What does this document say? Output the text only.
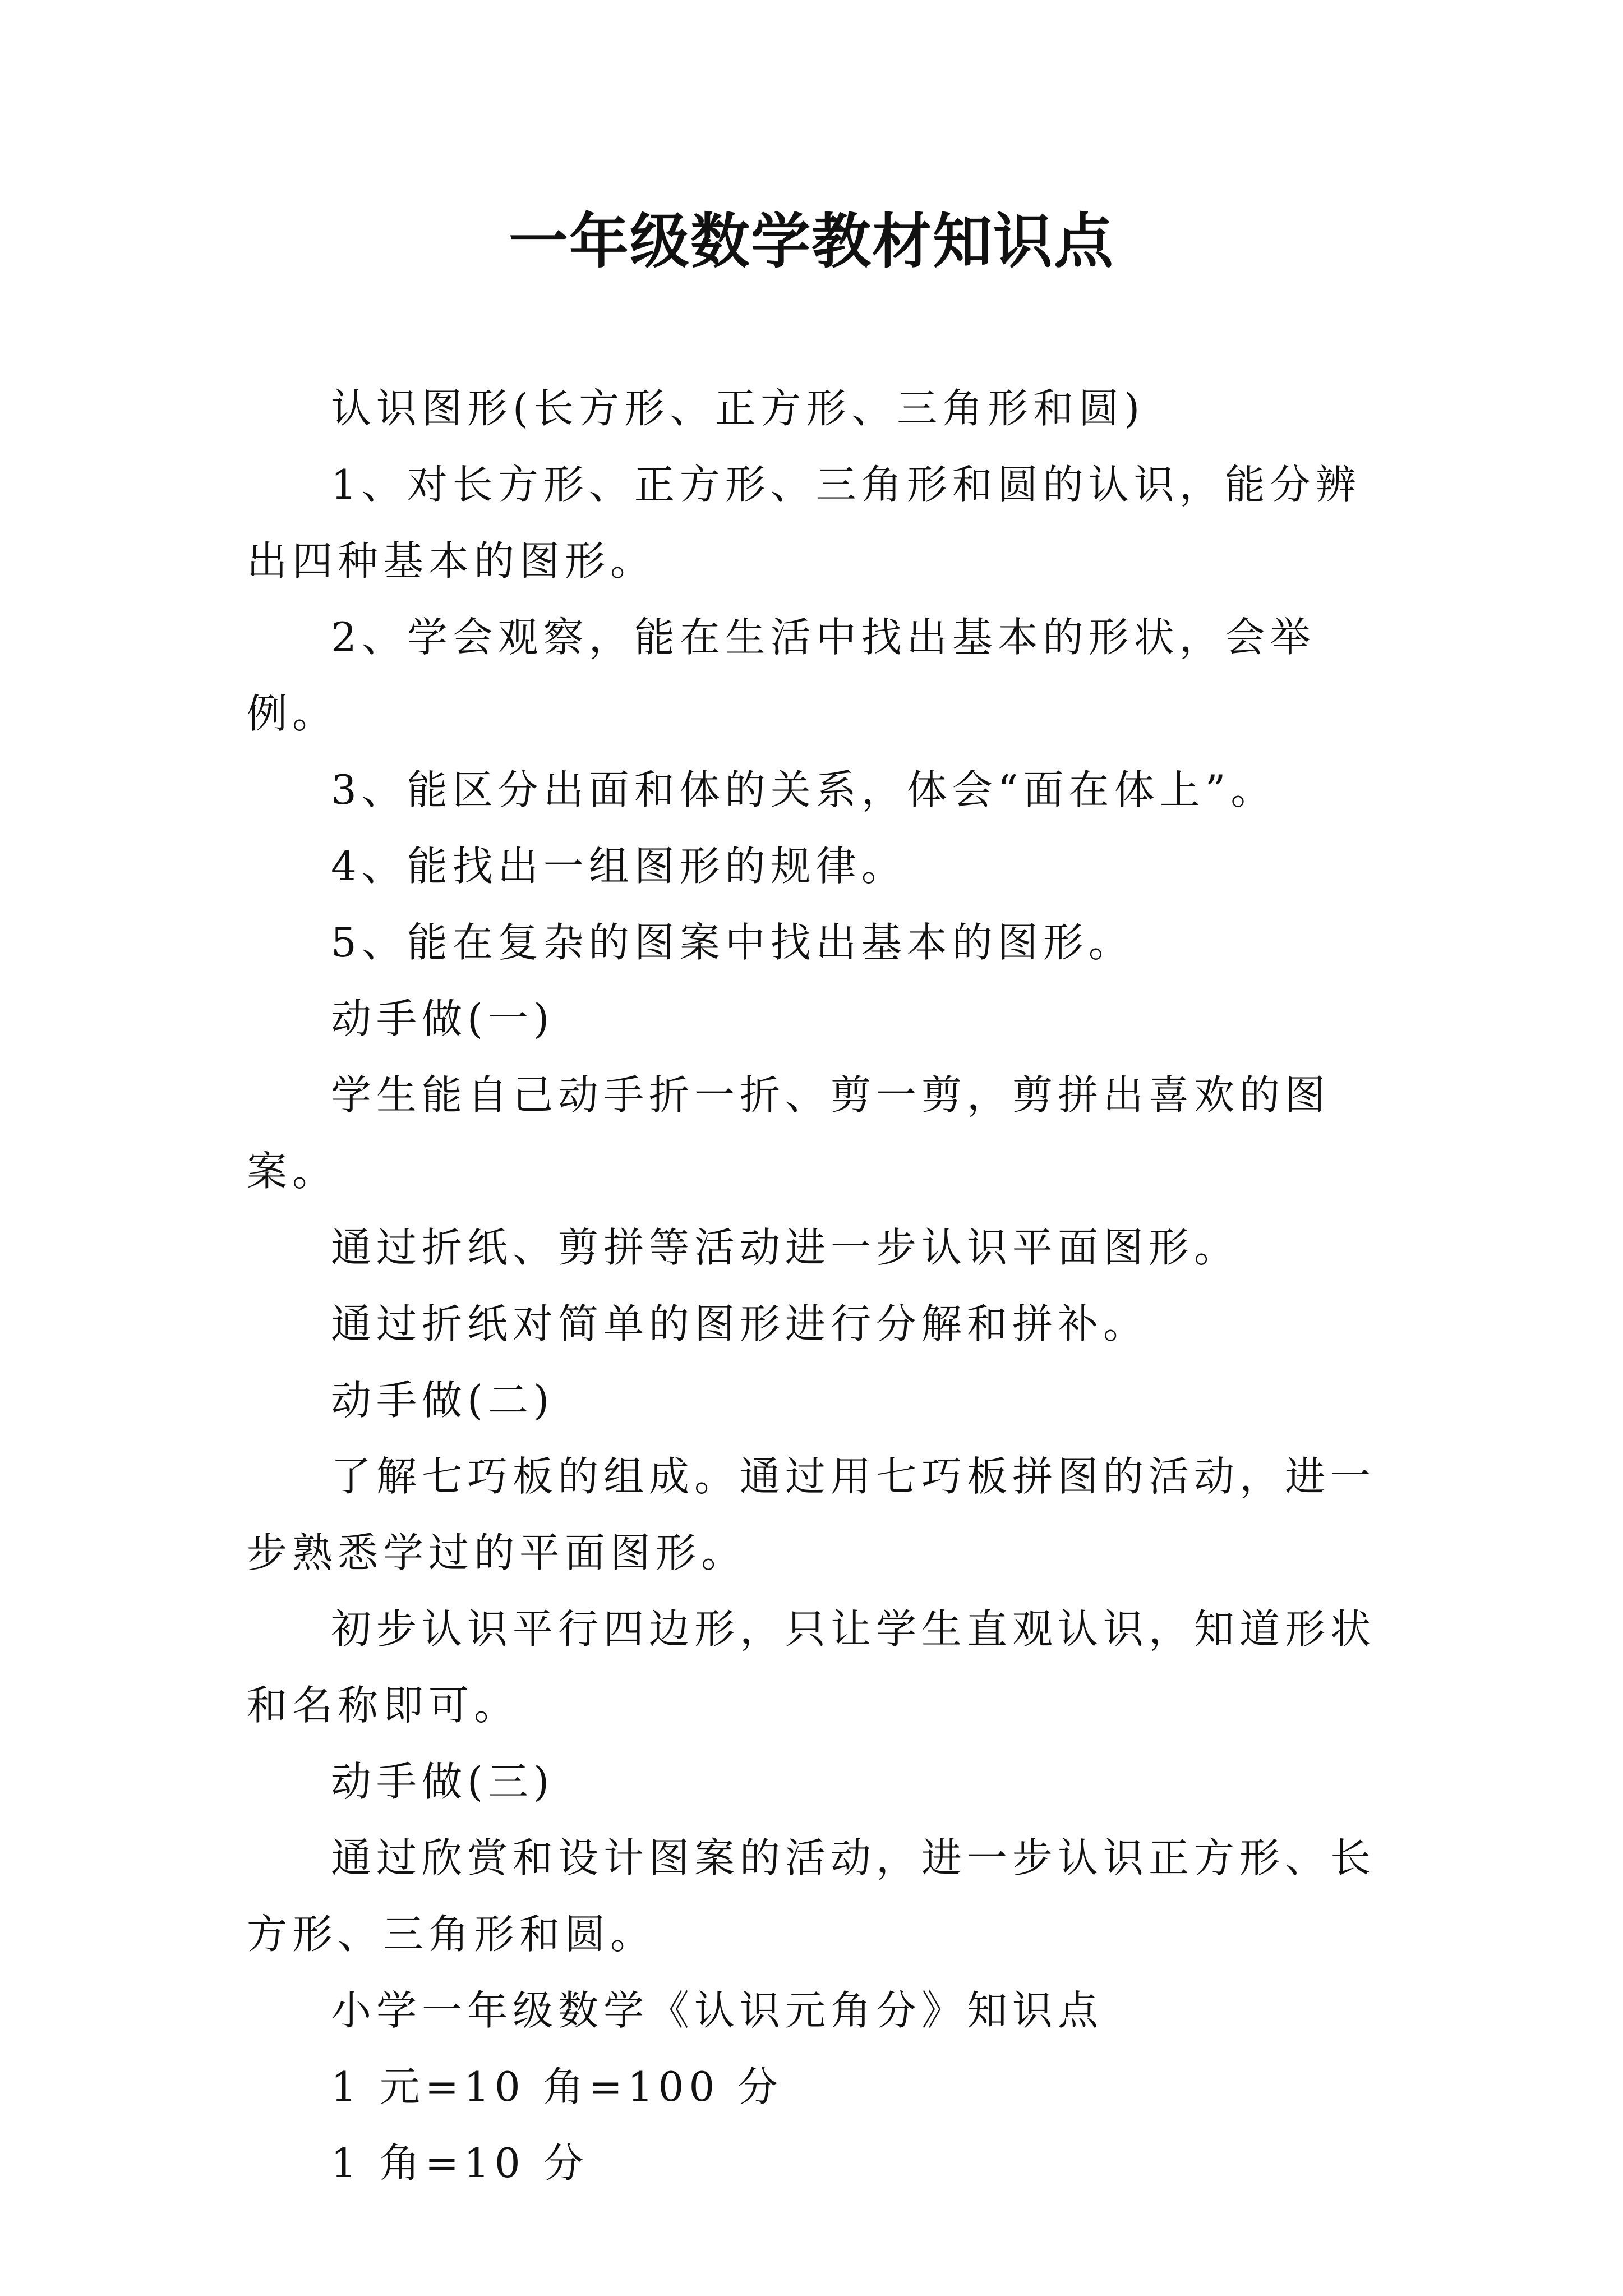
一年级数学教材知识点

认识图形(长方形、正方形、三角形和圆)

1、对长方形、正方形、三角形和圆的认识，能分辨出四种基本的图形。

2、学会观察，能在生活中找出基本的形状，会举例。

3、能区分出面和体的关系，体会“面在体上”。

4、能找出一组图形的规律。

5、能在复杂的图案中找出基本的图形。

动手做(一)

学生能自己动手折一折、剪一剪，剪拼出喜欢的图案。

通过折纸、剪拼等活动进一步认识平面图形。

通过折纸对简单的图形进行分解和拼补。

动手做(二)

了解七巧板的组成。通过用七巧板拼图的活动，进一步熟悉学过的平面图形。

初步认识平行四边形，只让学生直观认识，知道形状和名称即可。

动手做(三)

通过欣赏和设计图案的活动，进一步认识正方形、长方形、三角形和圆。

小学一年级数学《认识元角分》知识点

1 元=10 角=100 分

1 角=10 分
